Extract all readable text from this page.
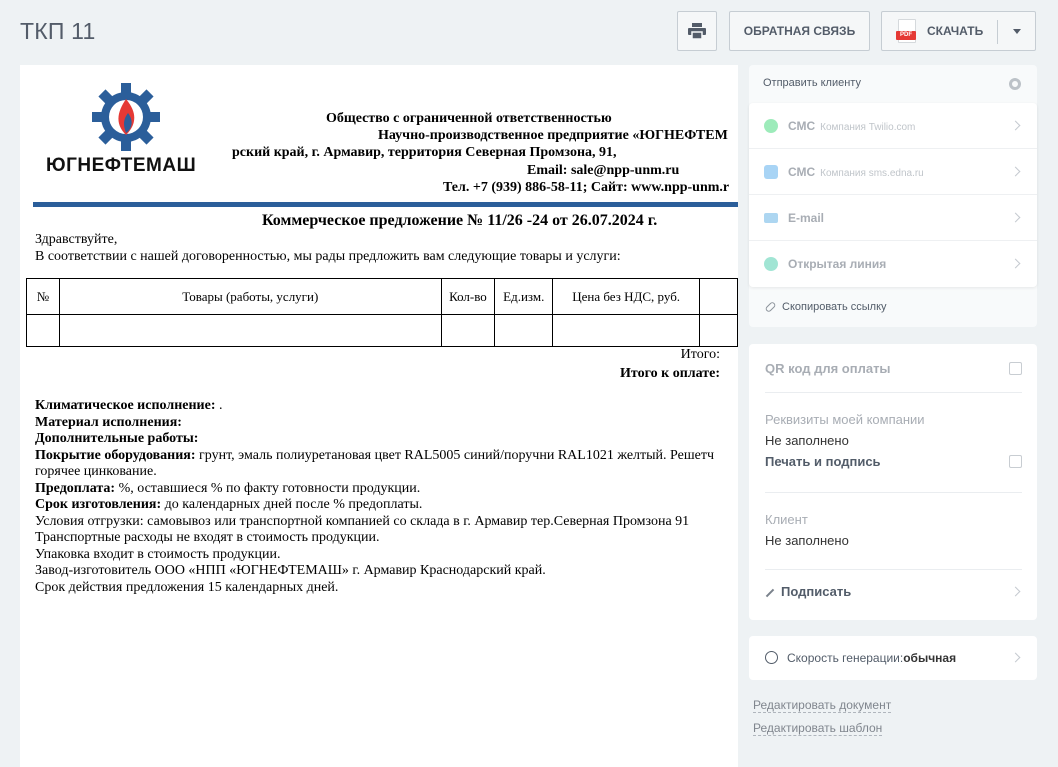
ТКП 11	ОБРАТНАЯ СВЯЗЬ	PDF	СКАЧАТЬ
ЮГНЕФТЕМАШ
Общество с ограниченной ответственностью
Научно-производственное предприятие «ЮГНЕФТЕМ
рский край, г. Армавир, территория Северная Промзона, 91,
Email: sale@npp-unm.ru
Тел. +7 (939) 886-58-11; Сайт: www.npp-unm.r
Коммерческое предложение № 11/26 -24 от 26.07.2024 г.
Здравствуйте,
В соответствии с нашей договоренностью, мы рады предложить вам следующие товары и услуги:
№	Товары (работы, услуги)	Кол-во	Ед.изм.	Цена без НДС, руб.	

Итого:
Итого к оплате:
Климатическое исполнение: .
Материал исполнения:
Дополнительные работы:
Покрытие оборудования: грунт, эмаль полиуретановая цвет RAL5005 синий/поручни RAL1021 желтый. Решетч
горячее цинкование.
Предоплата: %, оставшиеся % по факту готовности продукции.
Срок изготовления: до календарных дней после % предоплаты.
Условия отгрузки: самовывоз или транспортной компанией со склада в г. Армавир тер.Северная Промзона 91
Транспортные расходы не входят в стоимость продукции.
Упаковка входит в стоимость продукции.
Завод-изготовитель ООО «НПП «ЮГНЕФТЕМАШ» г. Армавир Краснодарский край.
Срок действия предложения 15 календарных дней.
Отправить клиенту
СМС Компания Twilio.com
СМС Компания sms.edna.ru
E-mail
Открытая линия
Скопировать ссылку
QR код для оплаты
Реквизиты моей компании
Не заполнено
Печать и подпись
Клиент
Не заполнено
Подписать
Скорость генерации:обычная
Редактировать документ
Редактировать шаблон
